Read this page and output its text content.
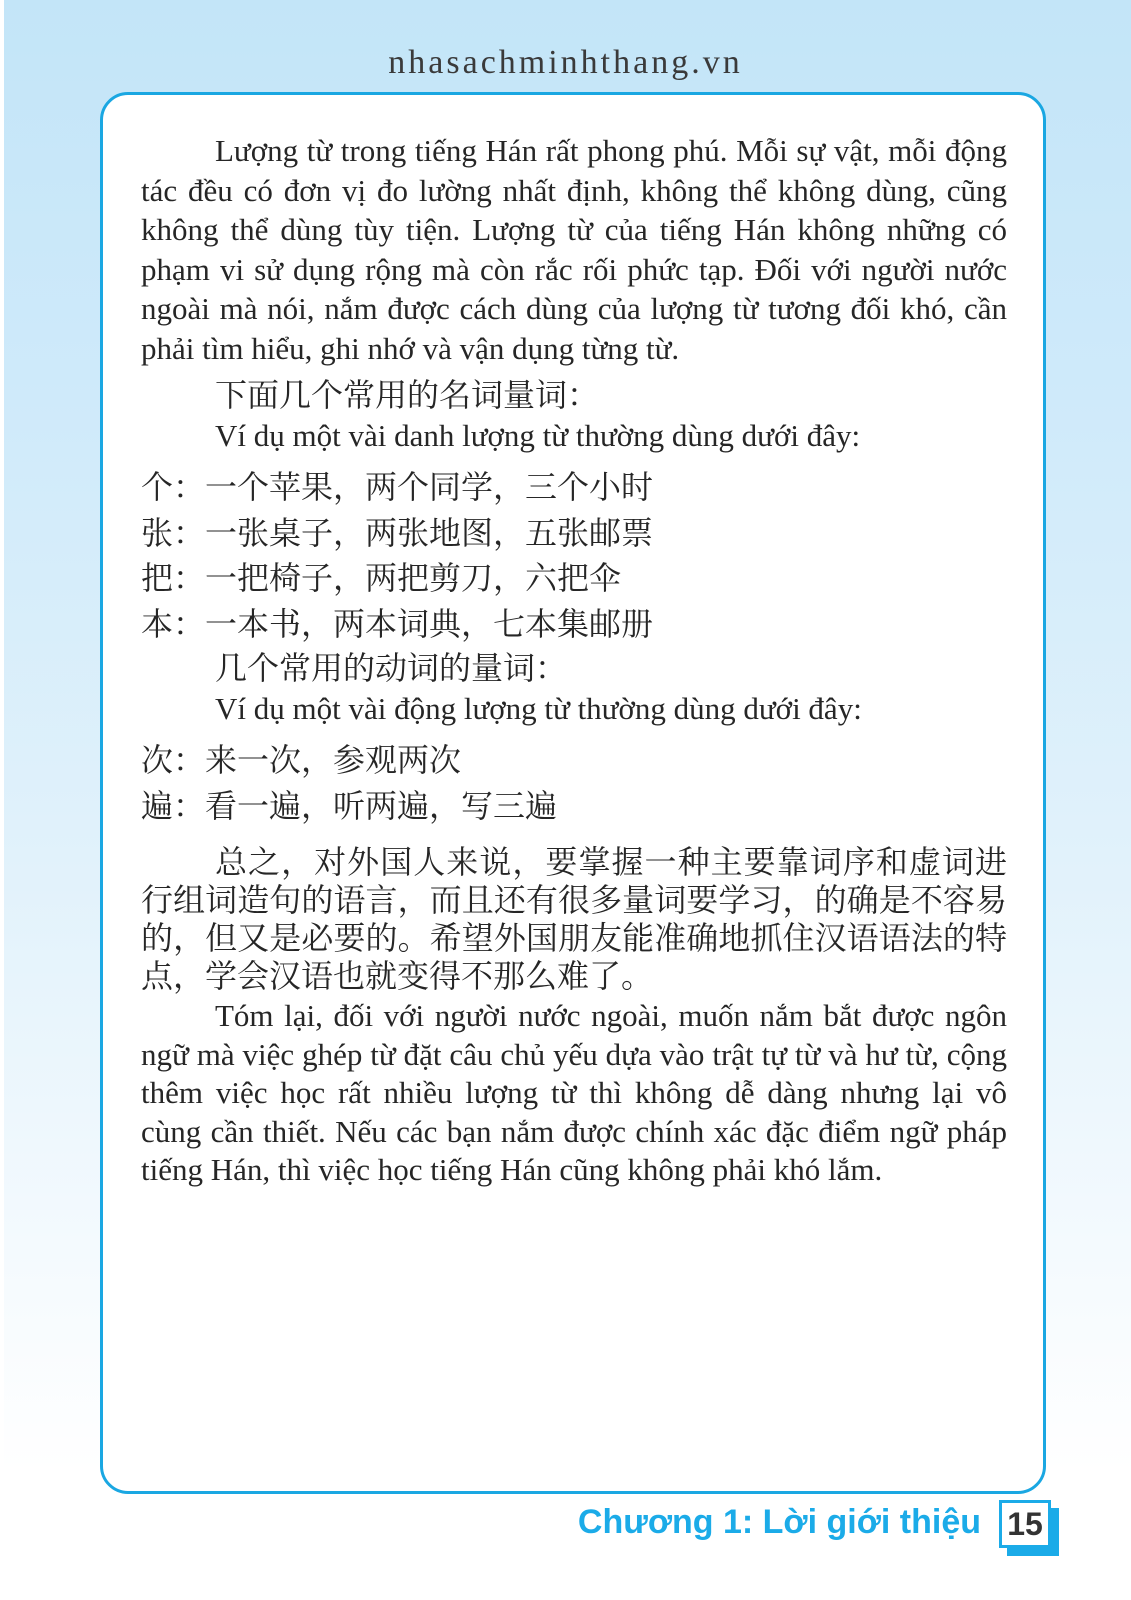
nhasachminhthang.vn

Lượng từ trong tiếng Hán rất phong phú. Mỗi sự vật, mỗi động tác đều có đơn vị đo lường nhất định, không thể không dùng, cũng không thể dùng tùy tiện. Lượng từ của tiếng Hán không những có phạm vi sử dụng rộng mà còn rắc rối phức tạp. Đối với người nước ngoài mà nói, nắm được cách dùng của lượng từ tương đối khó, cần phải tìm hiểu, ghi nhớ và vận dụng từng từ.

下面几个常用的名词量词：

Ví dụ một vài danh lượng từ thường dùng dưới đây:

个：一个苹果，两个同学，三个小时

张：一张桌子，两张地图，五张邮票

把：一把椅子，两把剪刀，六把伞

本：一本书，两本词典，七本集邮册

几个常用的动词的量词：

Ví dụ một vài động lượng từ thường dùng dưới đây:

次：来一次，参观两次

遍：看一遍，听两遍，写三遍

总之，对外国人来说，要掌握一种主要靠词序和虚词进行组词造句的语言，而且还有很多量词要学习，的确是不容易的，但又是必要的。希望外国朋友能准确地抓住汉语语法的特点，学会汉语也就变得不那么难了。

Tóm lại, đối với người nước ngoài, muốn nắm bắt được ngôn ngữ mà việc ghép từ đặt câu chủ yếu dựa vào trật tự từ và hư từ, cộng thêm việc học rất nhiều lượng từ thì không dễ dàng nhưng lại vô cùng cần thiết. Nếu các bạn nắm được chính xác đặc điểm ngữ pháp tiếng Hán, thì việc học tiếng Hán cũng không phải khó lắm.

Chương 1: Lời giới thiệu 15
